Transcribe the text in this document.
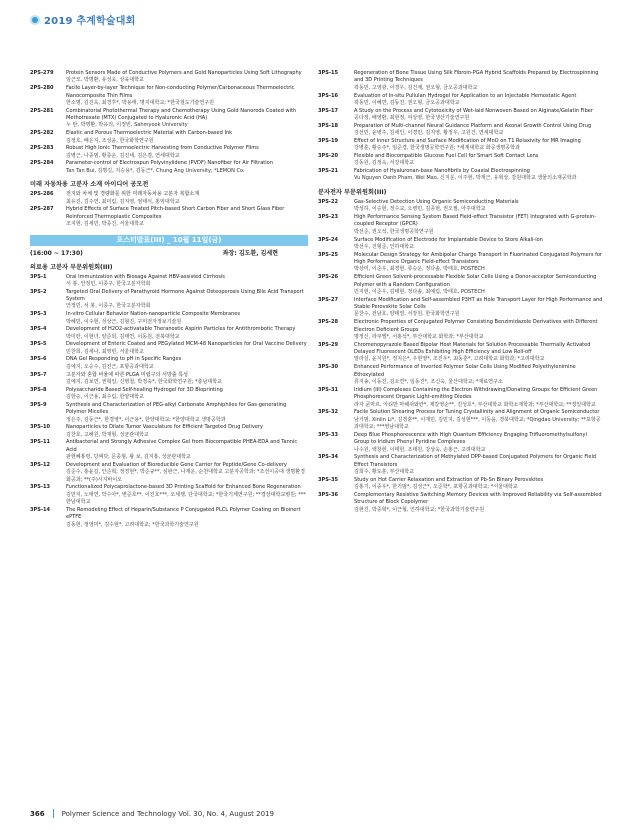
2019 추계학술대회
2PS-279	Protein Sensors Made of Conductive Polymers and Gold Nanoparticles Using Soft Lithography
임근모, 박명환, 유성욱, 상육대학교
2PS-280	Facile Layer-by-layer Technique for Non-conducting Polymer/Carbonaceous Thermoelectric Nanocomposite Thin Films
한소명, 김진욱, 최경후*, 박용태, 명지대학교; *한국철도기술연구원
2PS-281	Combinatorial Photothermal Therapy and Chemotherapy Using Gold Nanorods Coated with Methotrexate (MTX) Conjugated to Hyaluronic Acid (HA)
누 탄, 박명환, 박유리, 이정빈, Sahmyook University
2PS-282	Elastic and Porous Thermoelectric Material with Carbon-based Ink
김정호, 배은지, 조성윤, 한국화학연구원
2PS-283	Robust High Ionic Thermoelectric Harvesting from Conductive Polymer Films
김병근, 나종범, 황종운, 김진세, 김은겸, 연세대학교
2PS-284	Parameter-control of Electrospun Polyvinylidene (PVDF) Nanofiber for Air Filtration
Tan Tan Bui, 김명길, 지승용*, 김동근*, Chung Ang University; *LEMON Co.
미래 자동차용 고분자 소재 아이디어 공모전
2PS-286	전지와 차체 및 경량화를 위한 미래자동차용 고분자 복합소재
최유진, 김수연, 최미림, 김지영, 엄태식, 홍익대학교
2PS-287	Hybrid Effects of Surface Treated Pitch-based Short Carbon Fiber and Short Glass Fiber Reinforced Thermoplastic Composites
조지현, 김세민, 박종진, 서울대학교
포스터발표(III) _ 10월 11일(금)
(16:00 ~ 17:30)	좌장: 김도환, 김세현
의료용 고분자 부문위원회(III)
3PS-1	Oral Immunization with Biosaga Against HBV-assisted Cirrhosis
서 봉, 안정민, 이종구, 한국고분자학회
3PS-2	Targeted Oral Delivery of Parathyroid Hormone Against Osteoporosis Using Bile Acid Transport System
안정민, 서 봉, 이종구, 한국고분자학회
3PS-3	In-vitro Cellular Behavior Nation-nanoparticle Composite Membranes
박혜민, 이수현, 성상근, 김형진, 구미전자정보기술원
3PS-4	Development of H2O2-activatable Theranostic Aspirin Particles for Antithrombotic Therapy
박미란, 이현녀, 양준희, 김태연, 이동원, 전북대학교
3PS-5	Development of Enteric Coated and PEGylated MCM-48 Nanoparticles for Oral Vaccine Delivery
민찬희, 김세나, 최영빈, 서울대학교
3PS-6	DNA Gel Responding to pH in Specific Ranges
김예지, 오승수, 김진근, 포항공과대학교
3PS-7	고분자와 혼합 비율에 따른 PLGA 미립구의 서방출 특성
김예지, 김보연, 권혁일, 신병철, 박정숙*, 한국화학연구원; *충남대학교
3PS-8	Polysaccharide Based Self-healing Hydrogel for 3D Bioprinting
김한승, 이근용, 최수림, 한양대학교
3PS-9	Synthesis and Characterization of PEG-alkyl Carbonate Amphiphiles for Gas-generating Polymer Micelles
정은주, 김동근*, 한경영*, 이근용*, 한양대학교; *한양대학교 생명공학과
3PS-10	Nanoparticles to Dilate Tumor Vasculature for Efficient Targeted Drug Delivery
김찬호, 고해원, 박재형, 성균관대학교
3PS-11	Antibacterial and Strongly Adhesive Complex Gel from Biocompatible PHEA-EDA and Tannic Acid
판현혜홍령, 당쪄닷, 문종형, 왕 보, 김지홍, 성균관대학교
3PS-12	Development and Evaluation of Bioreducible Gene Carrier for Peptide/Gene Co-delivery
김준수, 홍윤길, 안준혁, 정경현*, 박준규**, 심완근, 나재운, 순천대학교 고분자공학과; *조선이공대 생명환경화공과; **(주)시지바이오
3PS-13	Functionalized Polycaprolactone-based 3D Printing Scaffold for Enhanced Bone Regeneration
김민지, 노태연, 박수아*, 변준호**, 이진호***, 오세행, 단국대학교; *한국기계연구원; **경상대학교병원; ***한남대학교
3PS-14	The Remodeling Effect of Heparin/Substance P Conjugated PLCL Polymer Coating on Bioinert ePTFE
김동현, 정영미*, 김수현*, 고려대학교; *한국과학기술연구원
3PS-15	Regeneration of Bone Tissue Using Silk Fibroin-PGA Hybrid Scaffolds Prepared by Electrospinning and 3D Printing Techniques
곽동민, 고영광, 이경우, 김건제, 권오형, 금오공과대학교
3PS-16	Evaluation of In-situ Pullulan Hydrogel for Application to an Injectable Hemostatic Agent
곽동민, 이혜연, 김동진, 권오형, 금오공과대학교
3PS-17	A Study on the Process and Cytotoxicity of Wet-laid Nonwoven Based on Alginate/Gelatin Fiber
공다정, 배영환, 최현정, 여상영, 한국생산기술연구원
3PS-18	Preparation of Multi-channel Neural Guidance Platform and Axonal Growth Control Using Drug
강선민, 윤병주, 김세인, 이경민, 김지영, 황정우, 고원건, 연세대학교
3PS-19	Effect of Inner Structure and Surface Modification of MnO on T1 Relaxivity for MR Imaging
강병훈, 황승주*, 임준경, 한국생명공학연구원; *세계대학교 화공생명공학과
3PS-20	Flexible and Biocompatible Glucose Fuel Cell for Smart Soft Contact Lens
강동원, 김정욱, 서강대학교
3PS-21	Fabrication of Hyaluronan-base Nanofibrils by Coaxial Electrospinning
Vu Nguyen Oanh Pham, Wei Mao, 신지운, 이주현, 박재근, 유혁상, 강원대학교 생물의소재공학과
분자전자 부문위원회(III)
3PS-22	Gas-Selective Detection Using Organic Semiconducting Materials
박성하, 이승현, 정수교, 오병민, 김종현, 권오필, 아주대학교
3PS-23	High Performance Sensing System Based Field-effect Transistor (FET) Integrated with G-protein-coupled Receptor (GPCR)
박선준, 권오석, 한국생명공학연구원
3PS-24	Surface Modification of Electrode for Implantable Device to Store Alkali-ion
박선우, 진형준, 인하대학교
3PS-25	Molecular Design Strategy for Ambipolar Charge Transport in Fluorinated Conjugated Polymers for High Performance Organic Field-effect Transistors
박상미, 이준우, 최경현, 류승운, 정다솔, 박태호, POSTECH
3PS-26	Efficient Green Solvent-processable Flexible Solar Cells Using a Donor-acceptor Semiconducting Polymer with a Random Configuration
민지현, 이준우, 김태현, 정다솔, 최예림, 박태호, POSTECH
3PS-27	Interface Modification and Self-assembled P3HT as Hole Transport Layer for High Performance and Stable Perovskite Solar Cells
문찬수, 전남호, 양태열, 서장원, 한국화학연구원
3PS-28	Electronic Properties of Conjugated Polymer Consisting Benzimidazole Derivatives with Different Electron Deficient Groups
명정신, 라쿠엘*, 서홍석*, 부산대학교 화학과; *부산대학교
3PS-29	Chromenopyrazole Based Bipolar Host Materials for Solution Processable Thermally Activated Delayed Fluorescent OLEDs Exhibiting High Efficiency and Low Roll-off
말라실, 윤지원*, 정지은*, 우현영*, 조진우*, 최동훈*, 고려대학교 화학과; *고려대학교
3PS-30	Enhanced Performance of Inverted Polymer Solar Cells Using Modified Polyethylenimine Ethoxylated
류지송, 이동진, 김소연*, 임동진*, 조신욱, 울산대학교; *재료연구소
3PS-31	Iridium (III) Complexes Containing the Electron Withdrawing/Donating Groups for Efficient Green Phosphorescent Organic Light-emitting Diodes
라자 쿤마르, 아티반 마헤쉬와란*, 제갈영순**, 진성호*, 부산대학교 화학소재학과; *부산대학교; **경일대학교
3PS-32	Facile Solution Shearing Process for Tuning Crystallinity and Alignment of Organic Semiconductor
남기범, Xinlin Li*, 김경훈**, 이재민, 김민지, 김성현***, 이동윤, 경북대학교; *Qingdao University; **포항공과대학교; ***영남대학교
3PS-33	Deep Blue Phosphorescence with High Quantum Efficiency Engaging Trifluoromethylsulfonyl Group to Iridium Phenyl Pyridine Complexes
나수원, 백창현, 이태헌, 조태원, 강상욱, 손홍근, 고려대학교
3PS-34	Synthesis and Characterization of Methylated DPP-based Conjugated Polymers for Organic Field Effect Transistors
김희수, 황도훈, 부산대학교
3PS-35	Study on Hot Carrier Relaxation and Extraction of Pb-Sn Binary Perovskites
김홍기, 이종우*, 한기범*, 김성근*, 오준학*, 포항공과대학교; *서울대학교
3PS-36	Complementary Resistive Switching Memory Devices with Improved Reliability via Self-assembled Structure of Block Copolymer
김현진, 박종혁*, 이근형, 인하대학교; *한국과학기술연구원
366 Polymer Science and Technology Vol. 30, No. 4, August 2019
